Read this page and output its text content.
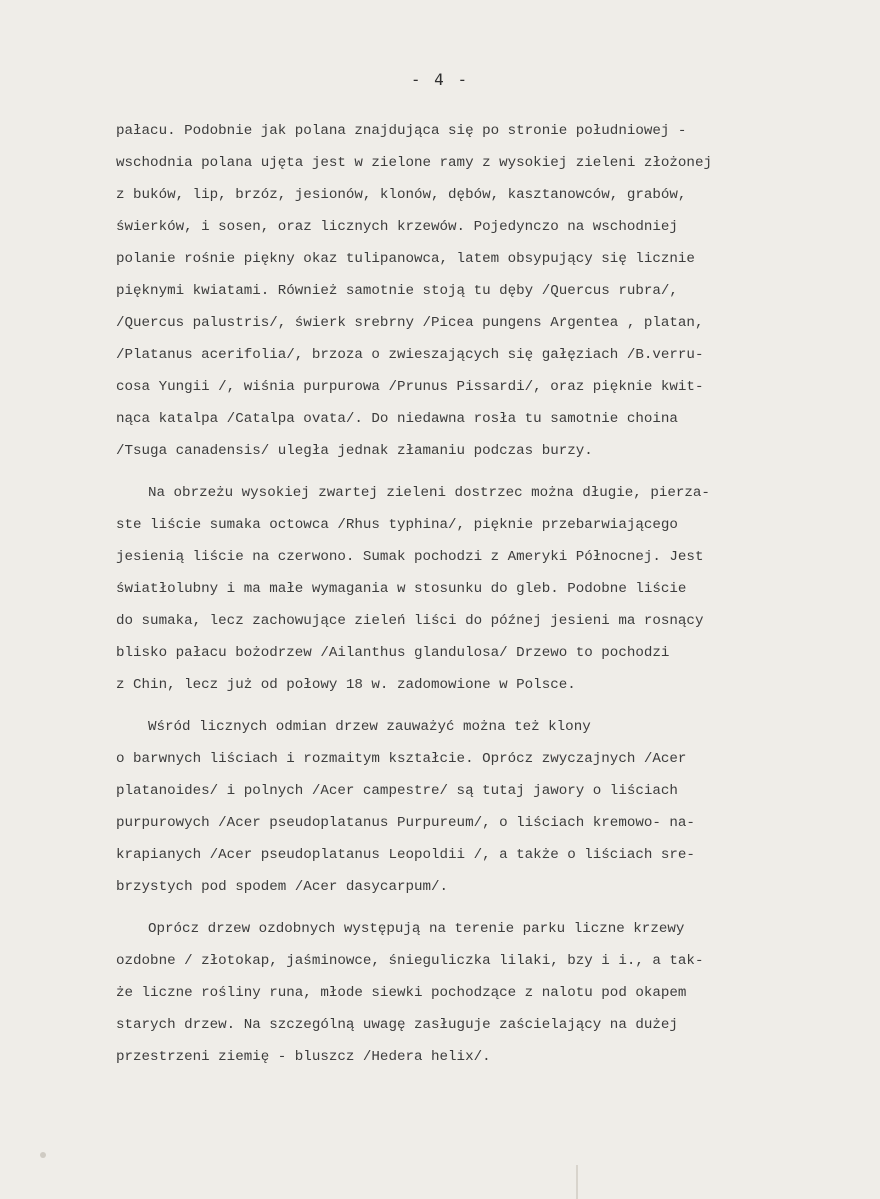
- 4 -
pałacu. Podobnie jak polana znajdująca się po stronie południowej -
wschodnia polana ujęta jest w zielone ramy z wysokiej zieleni złożonej
z buków, lip, brzóz, jesionów, klonów, dębów, kasztanowców, grabów,
świerków, i sosen, oraz licznych krzewów. Pojedynczo na wschodniej
polanie rośnie piękny okaz tulipanowca, latem obsypujący się licznie
pięknymi kwiatami. Również samotnie stoją tu dęby /Quercus rubra/,
/Quercus palustris/, świerk srebrny /Picea pungens Argentea , platan,
/Platanus acerifolia/, brzoza o zwieszających się gałęziach /B.verru-
cosa Yungii /, wiśnia purpurowa /Prunus Pissardi/, oraz pięknie kwit-
nąca katalpa /Catalpa ovata/. Do niedawna rosła tu samotnie choina
/Tsuga canadensis/ uległa jednak złamaniu podczas burzy.
Na obrzeżu wysokiej zwartej zieleni dostrzec można długie, pierza-
ste liście sumaka octowca /Rhus typhina/, pięknie przebarwiającego
jesienią liście na czerwono. Sumak pochodzi z Ameryki Północnej. Jest
światłolubny i ma małe wymagania w stosunku do gleb. Podobne liście
do sumaka, lecz zachowujące zieleń liści do późnej jesieni ma rosnący
blisko pałacu bożodrzew /Ailanthus glandulosa/ Drzewo to pochodzi
z Chin, lecz już od połowy 18 w. zadomowione w Polsce.
Wśród licznych odmian drzew zauważyć można też klony
o barwnych liściach i rozmaitym kształcie. Oprócz zwyczajnych /Acer
platanoides/ i polnych /Acer campestre/ są tutaj jawory o liściach
purpurowych /Acer pseudoplatanus Purpureum/, o liściach kremowo- na-
krapianych /Acer pseudoplatanus Leopoldii /, a także o liściach sre-
brzystych pod spodem /Acer dasycarpum/.
Oprócz drzew ozdobnych występują na terenie parku liczne krzewy
ozdobne / złotokap, jaśminowce, śnieguliczka lilaki, bzy i i., a tak-
że liczne rośliny runa, młode siewki pochodzące z nalotu pod okapem
starych drzew. Na szczególną uwagę zasługuje zaścielający na dużej
przestrzeni ziemię - bluszcz /Hedera helix/.
